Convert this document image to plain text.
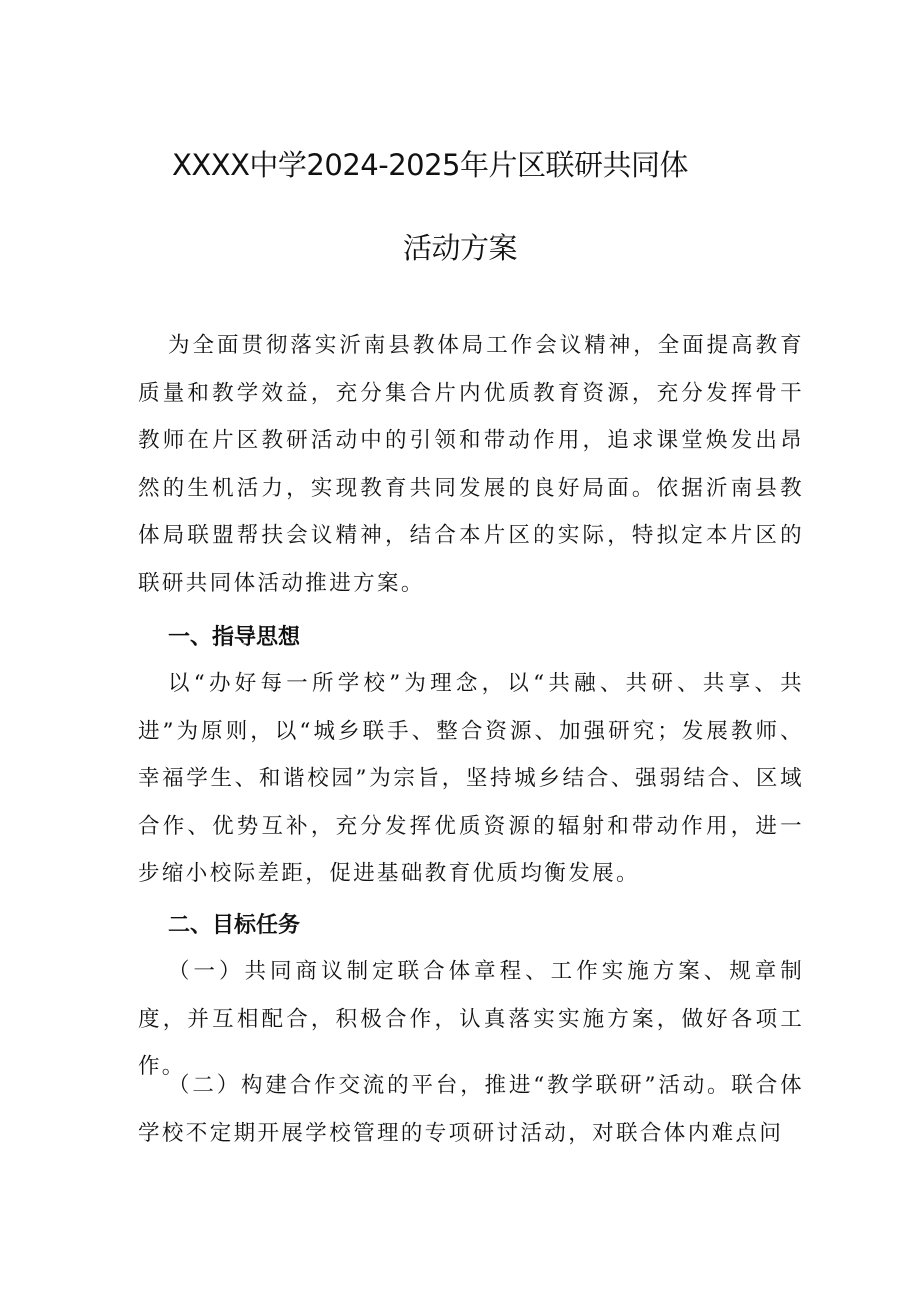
XXXX中学2024-2025年片区联研共同体
活动方案

为全面贯彻落实沂南县教体局工作会议精神，全面提高教育质量和教学效益，充分集合片内优质教育资源，充分发挥骨干教师在片区教研活动中的引领和带动作用，追求课堂焕发出昂然的生机活力，实现教育共同发展的良好局面。依据沂南县教体局联盟帮扶会议精神，结合本片区的实际，特拟定本片区的联研共同体活动推进方案。

一、指导思想

以“办好每一所学校”为理念，以“共融、共研、共享、共进”为原则，以“城乡联手、整合资源、加强研究；发展教师、幸福学生、和谐校园”为宗旨，坚持城乡结合、强弱结合、区域合作、优势互补，充分发挥优质资源的辐射和带动作用，进一步缩小校际差距，促进基础教育优质均衡发展。

二、目标任务

（一）共同商议制定联合体章程、工作实施方案、规章制度，并互相配合，积极合作，认真落实实施方案，做好各项工作。

（二）构建合作交流的平台，推进“教学联研”活动。联合体学校不定期开展学校管理的专项研讨活动，对联合体内难点问
